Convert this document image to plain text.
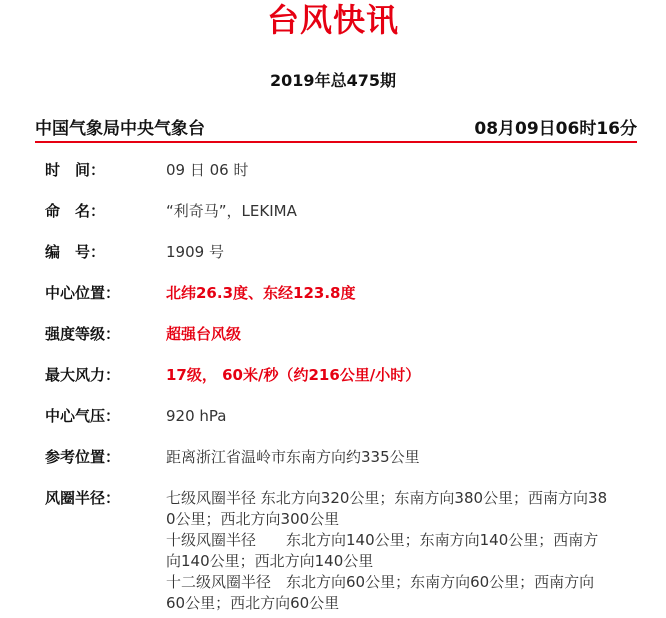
台风快讯
2019年总475期
中国气象局中央气象台	08月09日06时16分
时　间：	09 日 06 时
命　名：	“利奇马”，LEKIMA
编　号：	1909 号
中心位置：	北纬26.3度、东经123.8度
强度等级：	超强台风级
最大风力：	17级， 60米/秒（约216公里/小时）
中心气压：	920 hPa
参考位置：	距离浙江省温岭市东南方向约335公里
风圈半径：	七级风圈半径 东北方向320公里；东南方向380公里；西南方向38
0公里；西北方向300公里
十级风圈半径　　东北方向140公里；东南方向140公里；西南方
向140公里；西北方向140公里
十二级风圈半径　东北方向60公里；东南方向60公里；西南方向
60公里；西北方向60公里
